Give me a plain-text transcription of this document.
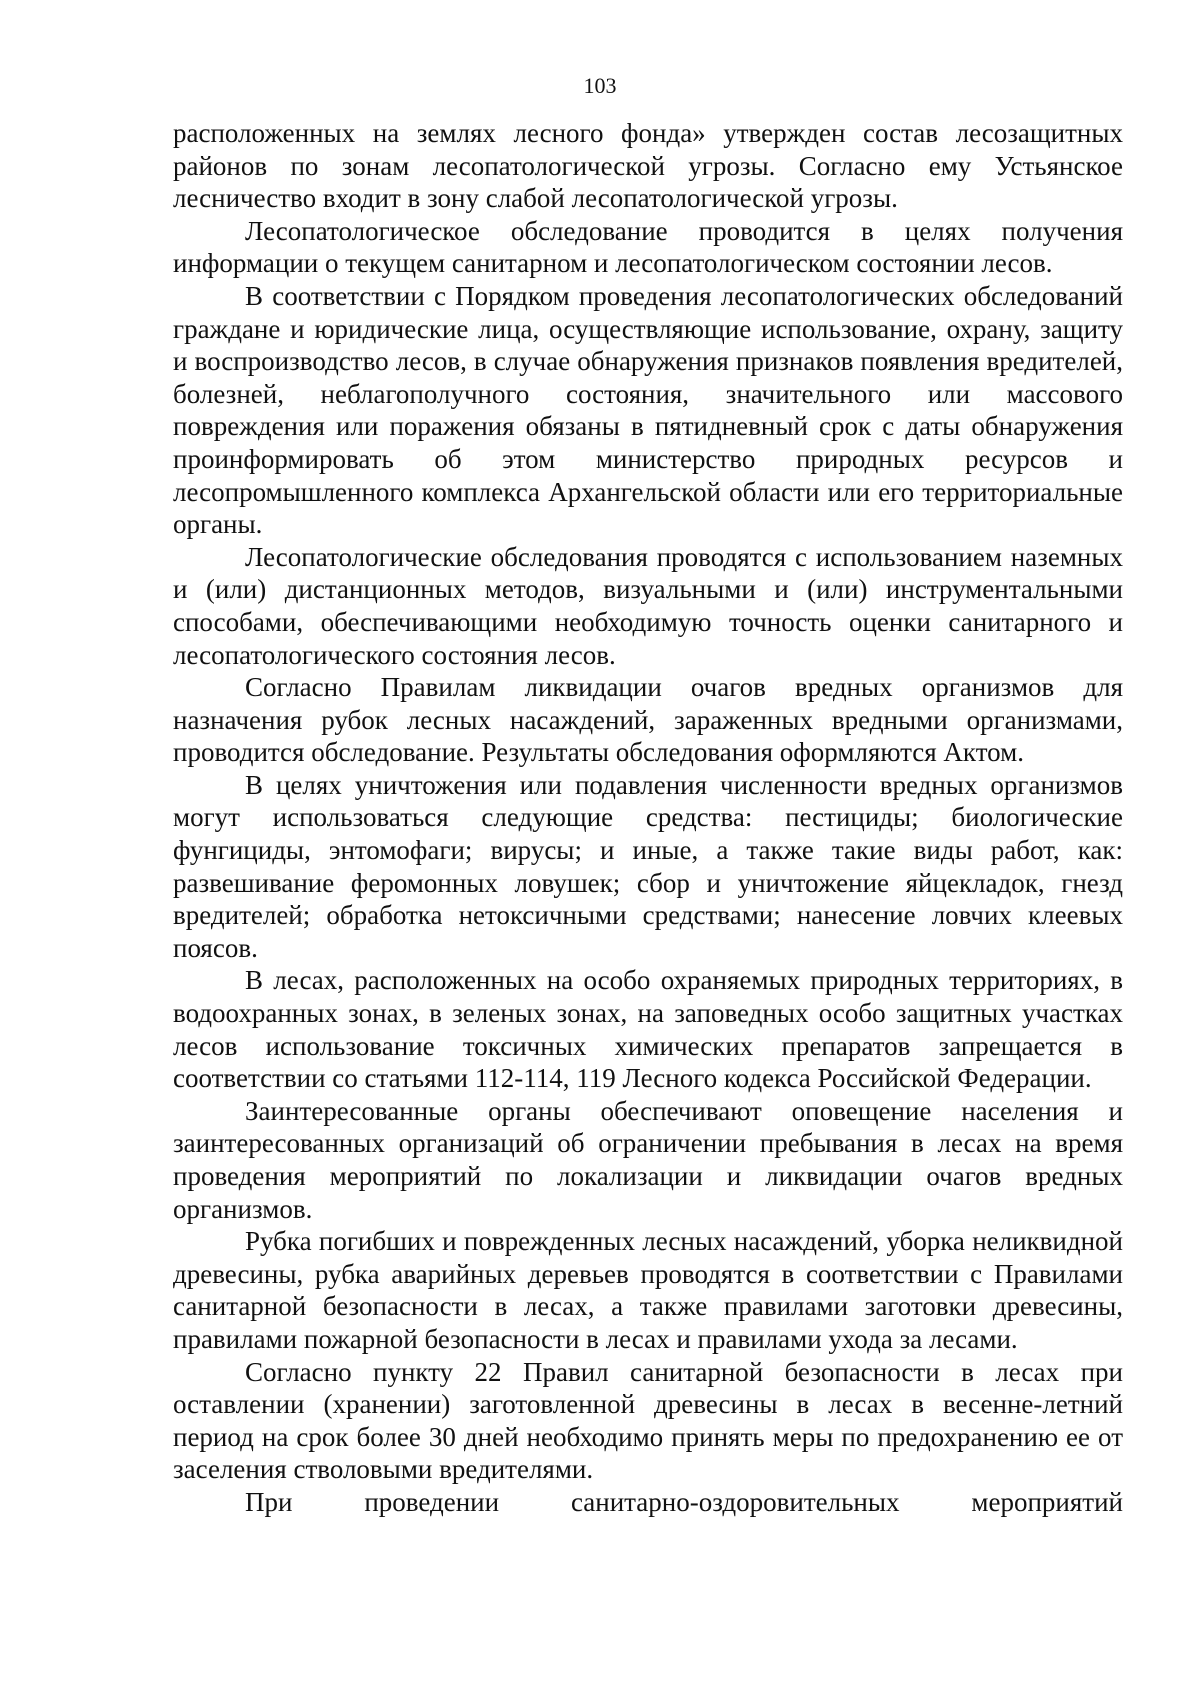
103

расположенных на землях лесного фонда» утвержден состав лесозащитных районов по зонам лесопатологической угрозы. Согласно ему Устьянское лесничество входит в зону слабой лесопатологической угрозы.

Лесопатологическое обследование проводится в целях получения информации о текущем санитарном и лесопатологическом состоянии лесов.

В соответствии с Порядком проведения лесопатологических обследований граждане и юридические лица, осуществляющие использование, охрану, защиту и воспроизводство лесов, в случае обнаружения признаков появления вредителей, болезней, неблагополучного состояния, значительного или массового повреждения или поражения обязаны в пятидневный срок с даты обнаружения проинформировать об этом министерство природных ресурсов и лесопромышленного комплекса Архангельской области или его территориальные органы.

Лесопатологические обследования проводятся с использованием наземных и (или) дистанционных методов, визуальными и (или) инструментальными способами, обеспечивающими необходимую точность оценки санитарного и лесопатологического состояния лесов.

Согласно Правилам ликвидации очагов вредных организмов для назначения рубок лесных насаждений, зараженных вредными организмами, проводится обследование. Результаты обследования оформляются Актом.

В целях уничтожения или подавления численности вредных организмов могут использоваться следующие средства: пестициды; биологические фунгициды, энтомофаги; вирусы; и иные, а также такие виды работ, как: развешивание феромонных ловушек; сбор и уничтожение яйцекладок, гнезд вредителей; обработка нетоксичными средствами; нанесение ловчих клеевых поясов.

В лесах, расположенных на особо охраняемых природных территориях, в водоохранных зонах, в зеленых зонах, на заповедных особо защитных участках лесов использование токсичных химических препаратов запрещается в соответствии со статьями 112-114, 119 Лесного кодекса Российской Федерации.

Заинтересованные органы обеспечивают оповещение населения и заинтересованных организаций об ограничении пребывания в лесах на время проведения мероприятий по локализации и ликвидации очагов вредных организмов.

Рубка погибших и поврежденных лесных насаждений, уборка неликвидной древесины, рубка аварийных деревьев проводятся в соответствии с Правилами санитарной безопасности в лесах, а также правилами заготовки древесины, правилами пожарной безопасности в лесах и правилами ухода за лесами.

Согласно пункту 22 Правил санитарной безопасности в лесах при оставлении (хранении) заготовленной древесины в лесах в весенне-летний период на срок более 30 дней необходимо принять меры по предохранению ее от заселения стволовыми вредителями.

При проведении санитарно-оздоровительных мероприятий
